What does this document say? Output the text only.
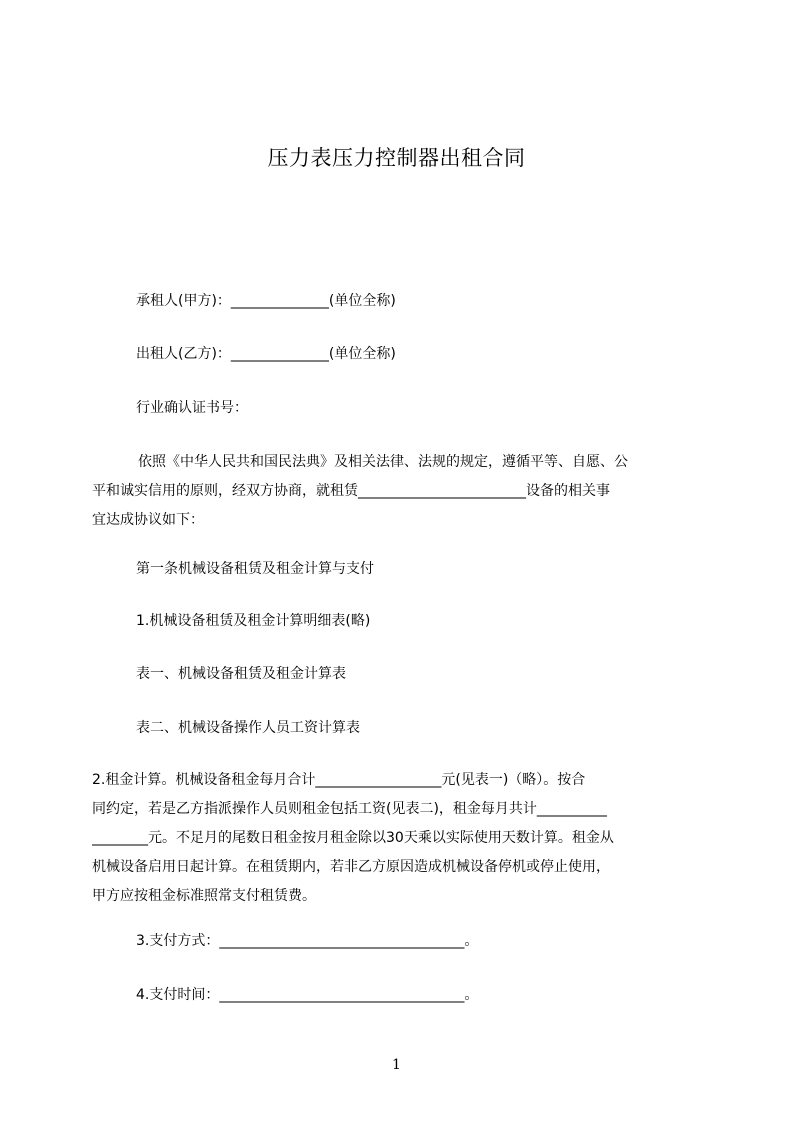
压力表压力控制器出租合同
承租人(甲方)：______________(单位全称)
出租人(乙方)：______________(单位全称)
行业确认证书号：
依照《中华人民共和国民法典》及相关法律、法规的规定，遵循平等、自愿、公
平和诚实信用的原则，经双方协商，就租赁________________________设备的相关事
宜达成协议如下：
第一条机械设备租赁及租金计算与支付
1.机械设备租赁及租金计算明细表(略)
表一、机械设备租赁及租金计算表
表二、机械设备操作人员工资计算表
2.租金计算。机械设备租金每月合计__________________元(见表一)（略）。按合
同约定，若是乙方指派操作人员则租金包括工资(见表二)，租金每月共计__________
________元。不足月的尾数日租金按月租金除以30天乘以实际使用天数计算。租金从
机械设备启用日起计算。在租赁期内，若非乙方原因造成机械设备停机或停止使用，
甲方应按租金标准照常支付租赁费。
3.支付方式：___________________________________。
4.支付时间：___________________________________。
1
